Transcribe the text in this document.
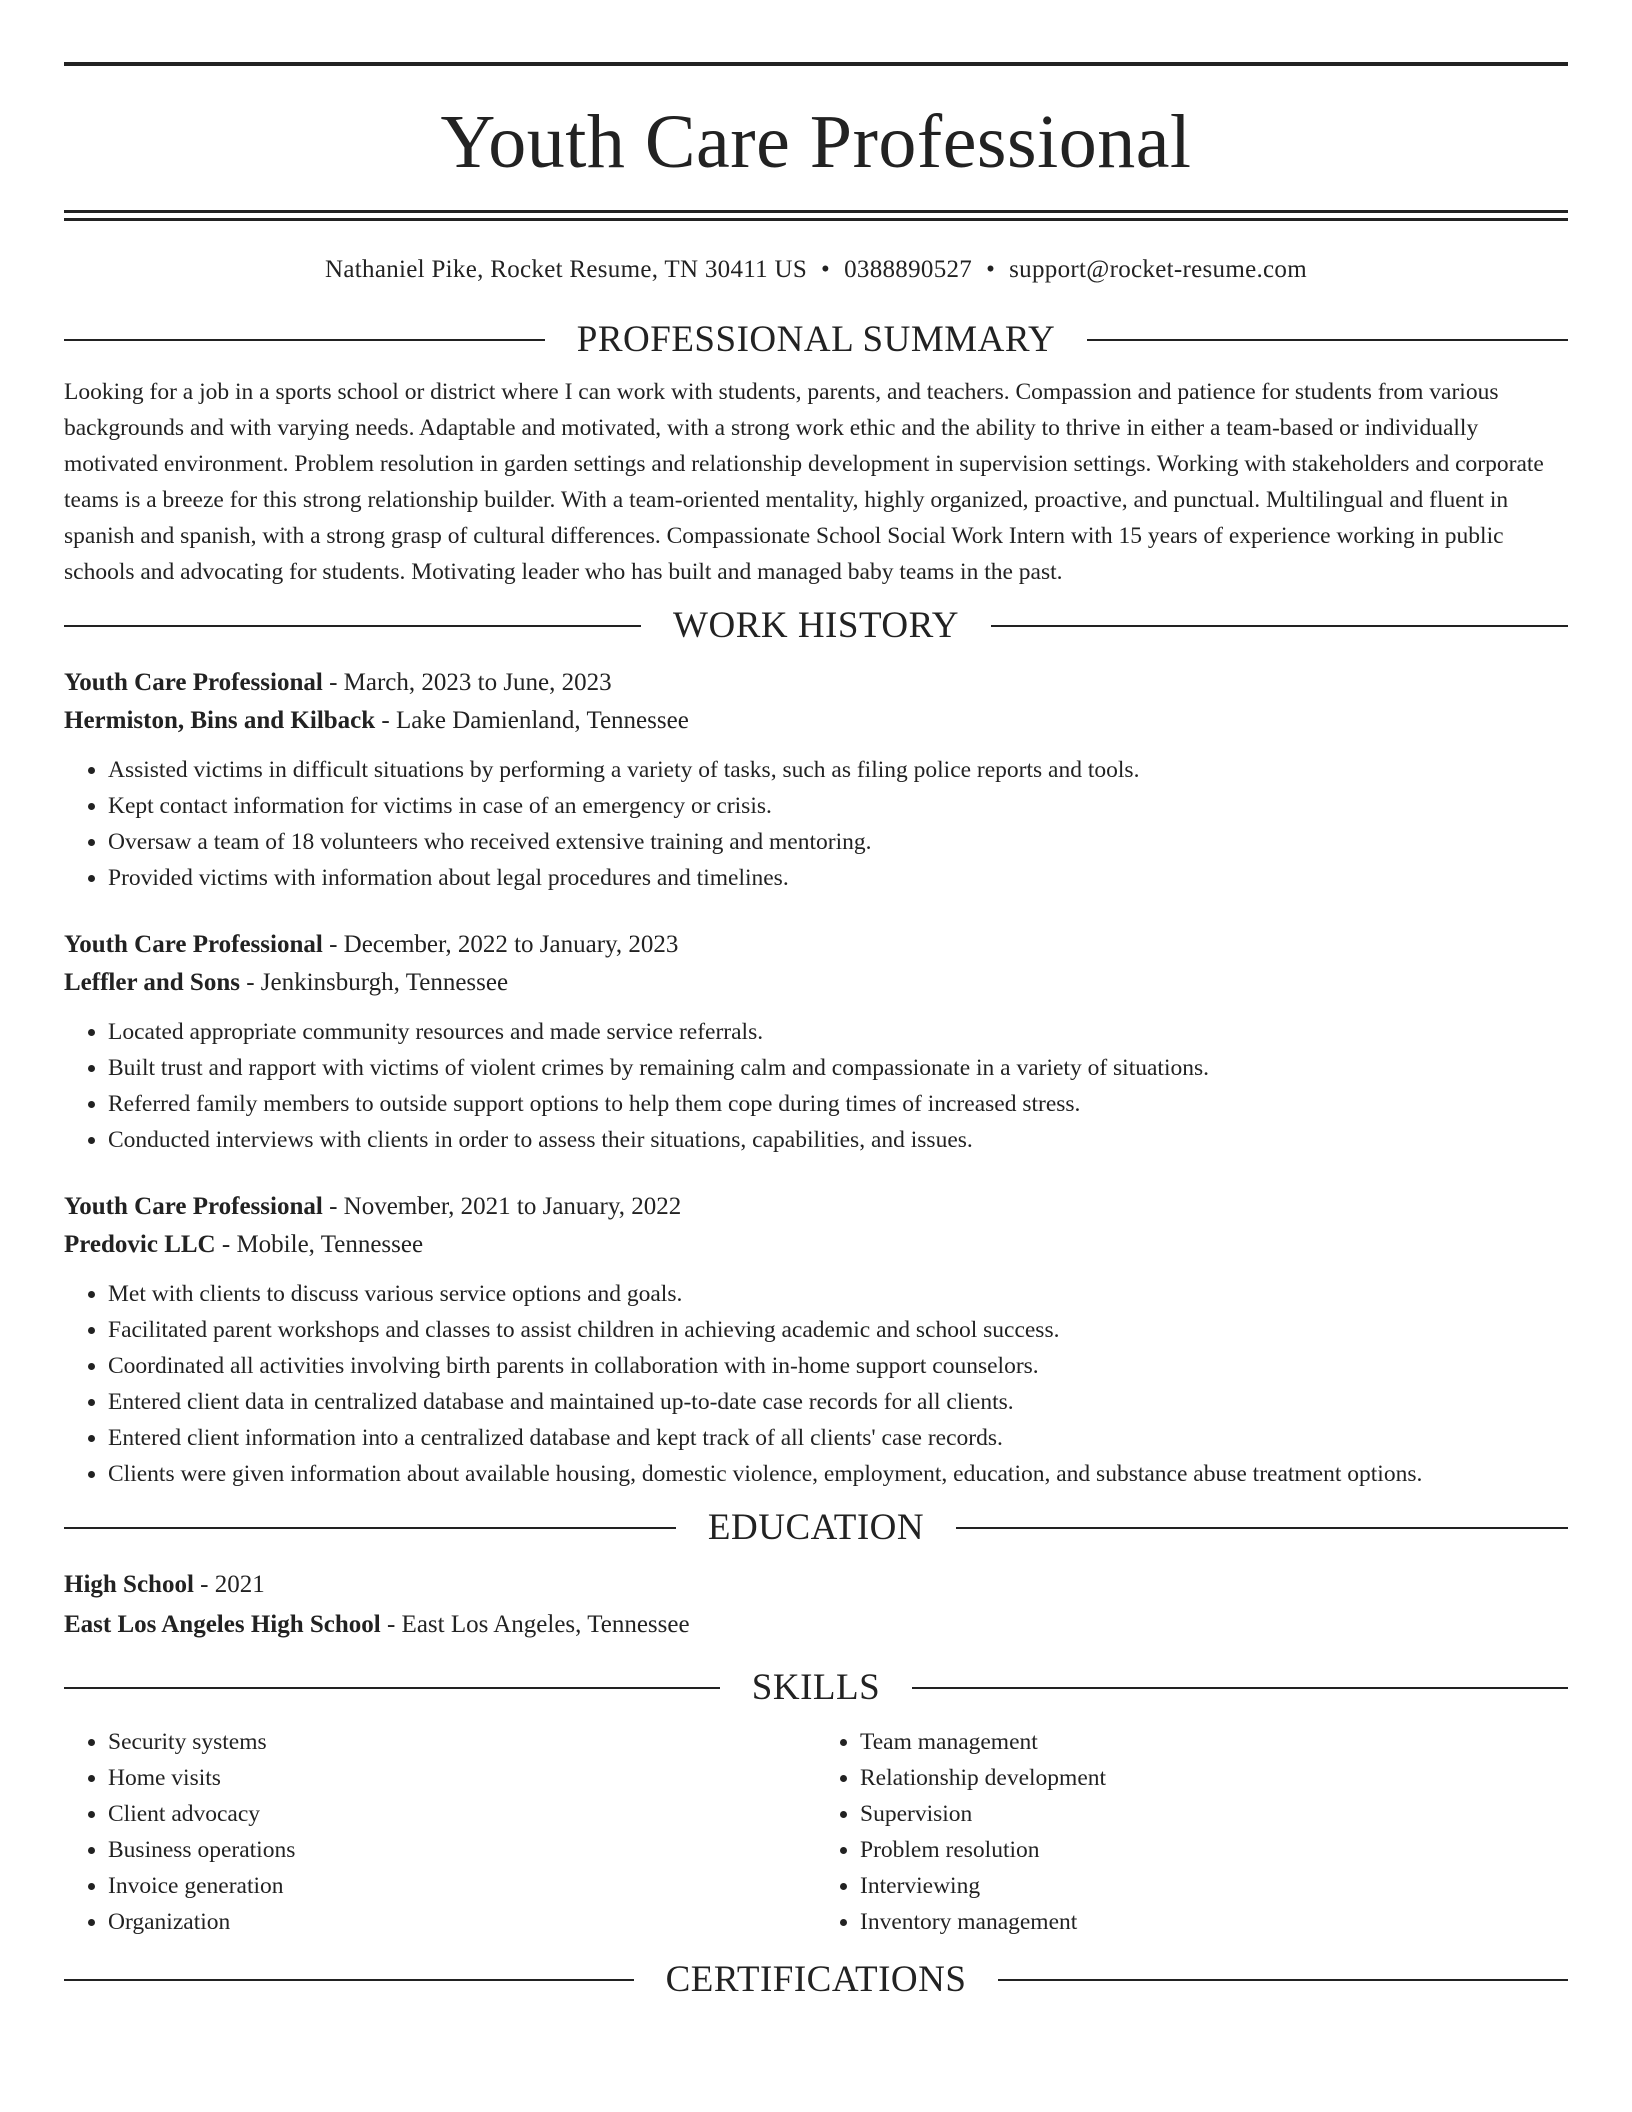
Youth Care Professional
Nathaniel Pike, Rocket Resume, TN 30411 US • 0388890527 • support@rocket-resume.com
PROFESSIONAL SUMMARY
Looking for a job in a sports school or district where I can work with students, parents, and teachers. Compassion and patience for students from various backgrounds and with varying needs. Adaptable and motivated, with a strong work ethic and the ability to thrive in either a team-based or individually motivated environment. Problem resolution in garden settings and relationship development in supervision settings. Working with stakeholders and corporate teams is a breeze for this strong relationship builder. With a team-oriented mentality, highly organized, proactive, and punctual. Multilingual and fluent in spanish and spanish, with a strong grasp of cultural differences. Compassionate School Social Work Intern with 15 years of experience working in public schools and advocating for students. Motivating leader who has built and managed baby teams in the past.
WORK HISTORY
Youth Care Professional - March, 2023 to June, 2023
Hermiston, Bins and Kilback - Lake Damienland, Tennessee
• Assisted victims in difficult situations by performing a variety of tasks, such as filing police reports and tools.
• Kept contact information for victims in case of an emergency or crisis.
• Oversaw a team of 18 volunteers who received extensive training and mentoring.
• Provided victims with information about legal procedures and timelines.
Youth Care Professional - December, 2022 to January, 2023
Leffler and Sons - Jenkinsburgh, Tennessee
• Located appropriate community resources and made service referrals.
• Built trust and rapport with victims of violent crimes by remaining calm and compassionate in a variety of situations.
• Referred family members to outside support options to help them cope during times of increased stress.
• Conducted interviews with clients in order to assess their situations, capabilities, and issues.
Youth Care Professional - November, 2021 to January, 2022
Predovic LLC - Mobile, Tennessee
• Met with clients to discuss various service options and goals.
• Facilitated parent workshops and classes to assist children in achieving academic and school success.
• Coordinated all activities involving birth parents in collaboration with in-home support counselors.
• Entered client data in centralized database and maintained up-to-date case records for all clients.
• Entered client information into a centralized database and kept track of all clients' case records.
• Clients were given information about available housing, domestic violence, employment, education, and substance abuse treatment options.
EDUCATION
High School - 2021
East Los Angeles High School - East Los Angeles, Tennessee
SKILLS
• Security systems
• Home visits
• Client advocacy
• Business operations
• Invoice generation
• Organization
• Team management
• Relationship development
• Supervision
• Problem resolution
• Interviewing
• Inventory management
CERTIFICATIONS
